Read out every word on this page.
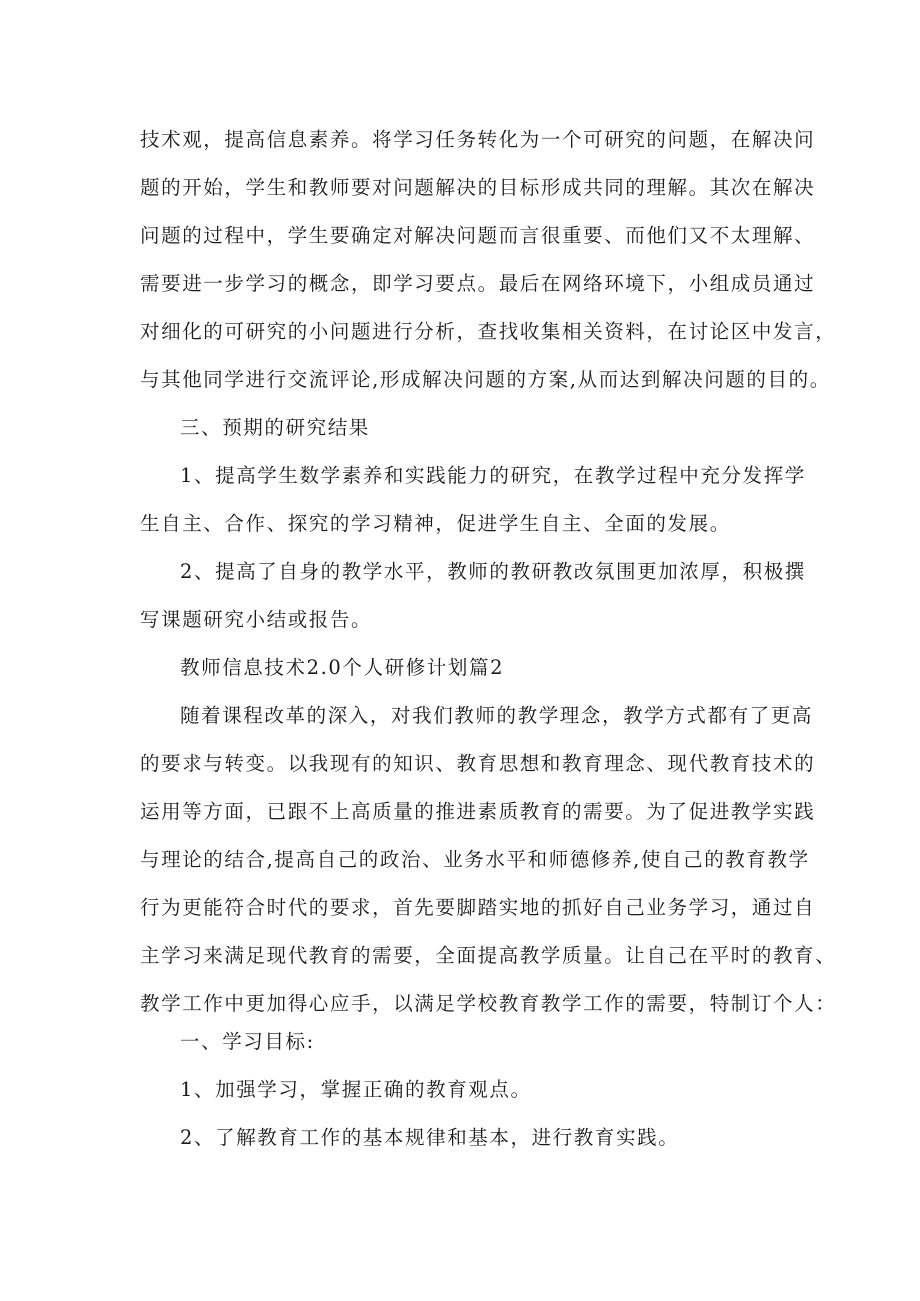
技术观，提高信息素养。将学习任务转化为一个可研究的问题，在解决问
题的开始，学生和教师要对问题解决的目标形成共同的理解。其次在解决
问题的过程中，学生要确定对解决问题而言很重要、而他们又不太理解、
需要进一步学习的概念，即学习要点。最后在网络环境下，小组成员通过
对细化的可研究的小问题进行分析，查找收集相关资料，在讨论区中发言，
与其他同学进行交流评论,形成解决问题的方案,从而达到解决问题的目的。
三、预期的研究结果
1、提高学生数学素养和实践能力的研究，在教学过程中充分发挥学
生自主、合作、探究的学习精神，促进学生自主、全面的发展。
2、提高了自身的教学水平，教师的教研教改氛围更加浓厚，积极撰
写课题研究小结或报告。
教师信息技术2.0个人研修计划篇2
随着课程改革的深入，对我们教师的教学理念，教学方式都有了更高
的要求与转变。以我现有的知识、教育思想和教育理念、现代教育技术的
运用等方面，已跟不上高质量的推进素质教育的需要。为了促进教学实践
与理论的结合,提高自己的政治、业务水平和师德修养,使自己的教育教学
行为更能符合时代的要求，首先要脚踏实地的抓好自己业务学习，通过自
主学习来满足现代教育的需要，全面提高教学质量。让自己在平时的教育、
教学工作中更加得心应手，以满足学校教育教学工作的需要，特制订个人：
一、学习目标:
1、加强学习，掌握正确的教育观点。
2、了解教育工作的基本规律和基本，进行教育实践。
